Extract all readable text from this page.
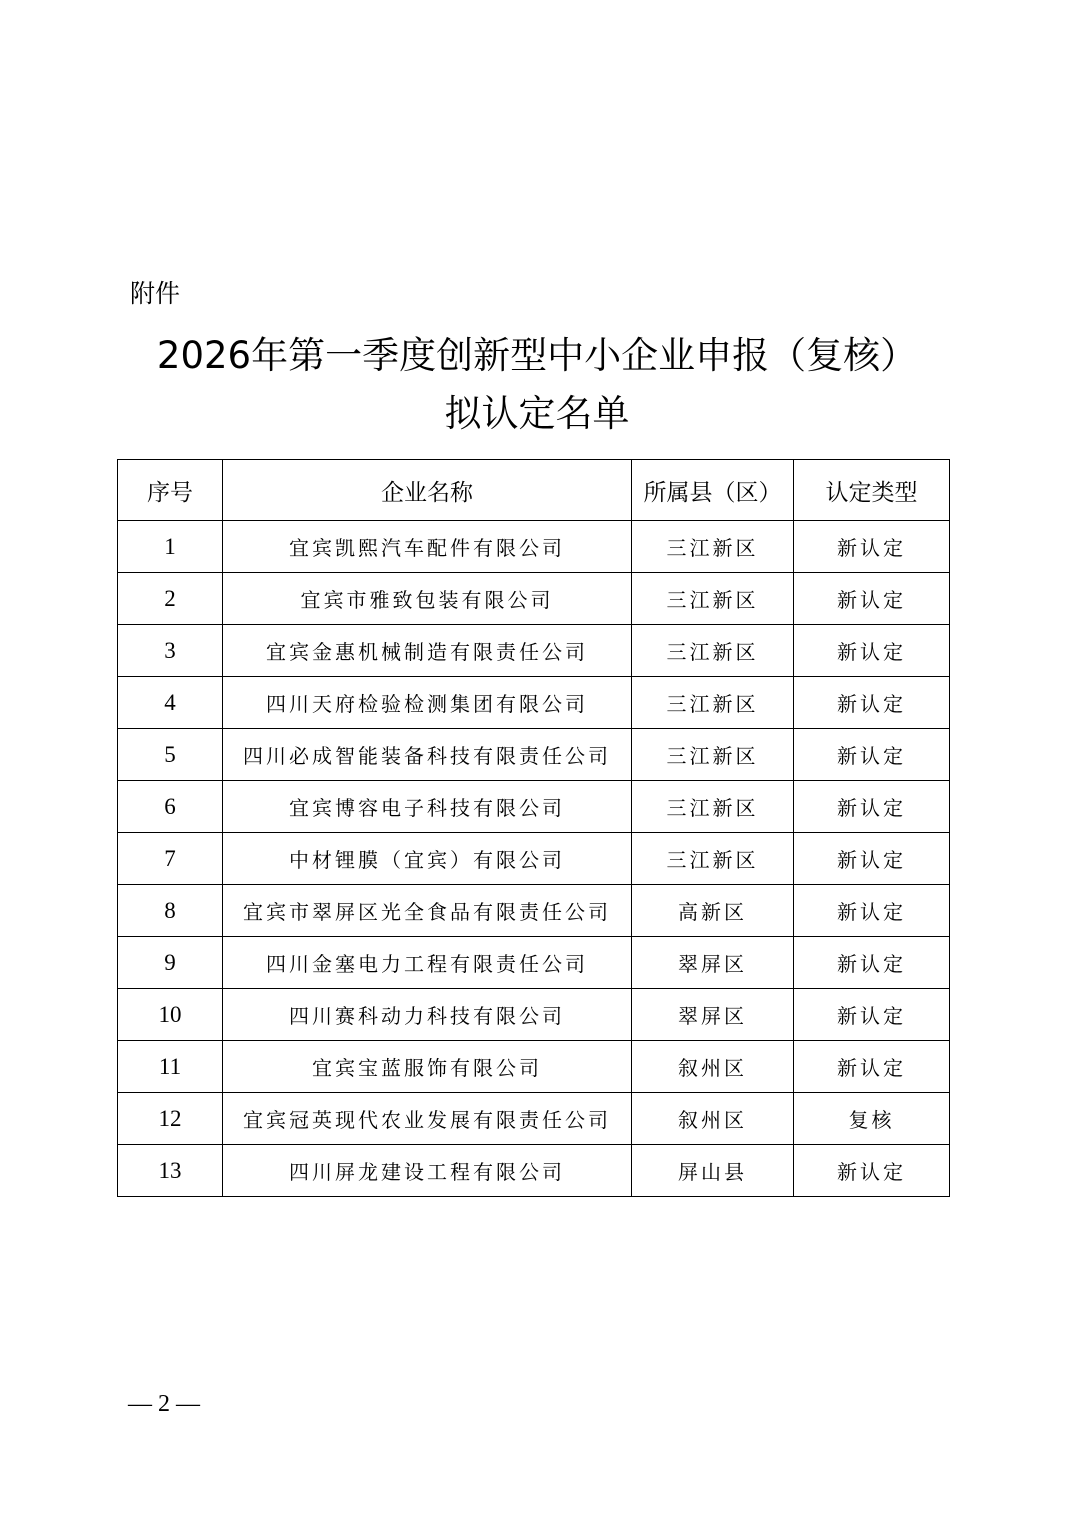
附件
2026年第一季度创新型中小企业申报（复核）
拟认定名单
序号	企业名称	所属县（区）	认定类型
1	宜宾凯熙汽车配件有限公司	三江新区	新认定
2	宜宾市雅致包装有限公司	三江新区	新认定
3	宜宾金惠机械制造有限责任公司	三江新区	新认定
4	四川天府检验检测集团有限公司	三江新区	新认定
5	四川必成智能装备科技有限责任公司	三江新区	新认定
6	宜宾博容电子科技有限公司	三江新区	新认定
7	中材锂膜（宜宾）有限公司	三江新区	新认定
8	宜宾市翠屏区光全食品有限责任公司	高新区	新认定
9	四川金塞电力工程有限责任公司	翠屏区	新认定
10	四川赛科动力科技有限公司	翠屏区	新认定
11	宜宾宝蓝服饰有限公司	叙州区	新认定
12	宜宾冠英现代农业发展有限责任公司	叙州区	复核
13	四川屏龙建设工程有限公司	屏山县	新认定
— 2 —
